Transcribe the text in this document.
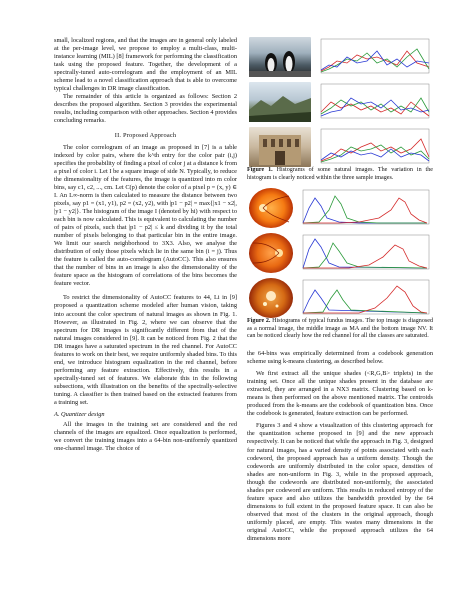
small, localized regions, and that the images are in general only labeled at the per-image level, we propose to employ a multi-class, multi-instance learning (MIL) [8] framework for performing the classification task using the proposed feature. Together, the development of a spectrally-tuned auto-correlogram and the employment of an MIL scheme lead to a novel classification approach that is able to overcome typical challenges in DR image classification.

The remainder of this article is organized as follows: Section 2 describes the proposed algorithm. Section 3 provides the experimental results, including comparison with other approaches. Section 4 provides concluding remarks.

II. Proposed Approach

The color correlogram of an image as proposed in [7] is a table indexed by color pairs, where the k^th entry for the color pair (i,j) specifies the probability of finding a pixel of color j at a distance k from a pixel of color i. Let I be a square image of side N. Typically, to reduce the dimensionality of the features, the image is quantized into m color bins, say c1, c2, ..., cm. Let C(p) denote the color of a pixel p = (x, y) ∈ I. An L∞-norm is then calculated to measure the distance between two pixels, say p1 = (x1, y1), p2 = (x2, y2), with |p1 − p2| = max{|x1 − x2|, |y1 − y2|}. The histogram of the image I (denoted by hi) with respect to each bin is now calculated. This is equivalent to calculating the number of pairs of pixels, such that |p1 − p2| ≤ k and dividing it by the total number of pixels belonging to that particular bin in the entire image. We limit our search neighborhood to 3X3. Also, we analyse the distribution of only those pixels which lie in the same bin (i = j). Thus the feature is called the auto-correlogram (AutoCC). This also ensures that the number of bins in an image is also the dimensionality of the feature space as the histogram of correlations of the bins becomes the feature vector.

To restrict the dimensionality of AutoCC features to 44, Li in [9] proposed a quantization scheme modeled after human vision, taking into account the color spectrum of natural images as shown in Fig. 1. However, as illustrated in Fig. 2, where we can observe that the spectrum for DR images is significantly different from that of the natural images considered in [9]. It can be noticed from Fig. 2 that the DR images have a saturated spectrum in the red channel. For AutoCC features to work on their best, we require uniformly shaded bins. To this end, we introduce histogram equalization in the red channel, before performing any feature extraction. Effectively, this results in a spectrally-tuned set of features. We elaborate this in the following subsections, with illustration on the benefits of the spectrally-selective tuning. A classifier is then trained based on the extracted features from a training set.

A. Quantizer design

All the images in the training set are considered and the red channels of the images are equalized. Once equalization is performed, we convert the training images into a 64-bin non-uniformly quantized one-channel image. The choice of

Figure 1. Histograms of some natural images. The variation in the histogram is clearly noticed within the three sample images.

Figure 2. Histograms of typical fundus images. The top image is diagnosed as a normal image, the middle image as MA and the bottom image NV. It can be noticed clearly how the red channel for all the classes are saturated.

the 64-bins was empirically determined from a codebook generation scheme using k-means clustering, as described below.

We first extract all the unique shades (<R,G,B> triplets) in the training set. Once all the unique shades present in the database are extracted, they are arranged in a NX3 matrix. Clustering based on k-means is then performed on the above mentioned matrix. The centroids produced from the k-means are the codebook of quantization bins. Once the codebook is generated, feature extraction can be performed.

Figures 3 and 4 show a visualization of this clustering approach for the quantization scheme proposed in [9] and the new approach respectively. It can be noticed that while the approach in Fig. 3, designed for natural images, has a varied density of points associated with each codeword, the proposed approach has a uniform density. Though the codewords are uniformly distributed in the color space, densities of shades are non-uniform in Fig. 3, while in the proposed approach, though the codewords are distributed non-uniformly, the associated shades per codeword are uniform. This results in reduced entropy of the feature space and also utilizes the bandwidth provided by the 64 dimensions to full extent in the proposed feature space. It can also be observed that most of the clusters in the original approach, though uniformly placed, are empty. This wastes many dimensions in the original AutoCC, while the proposed approach utilizes the 64 dimensions more
